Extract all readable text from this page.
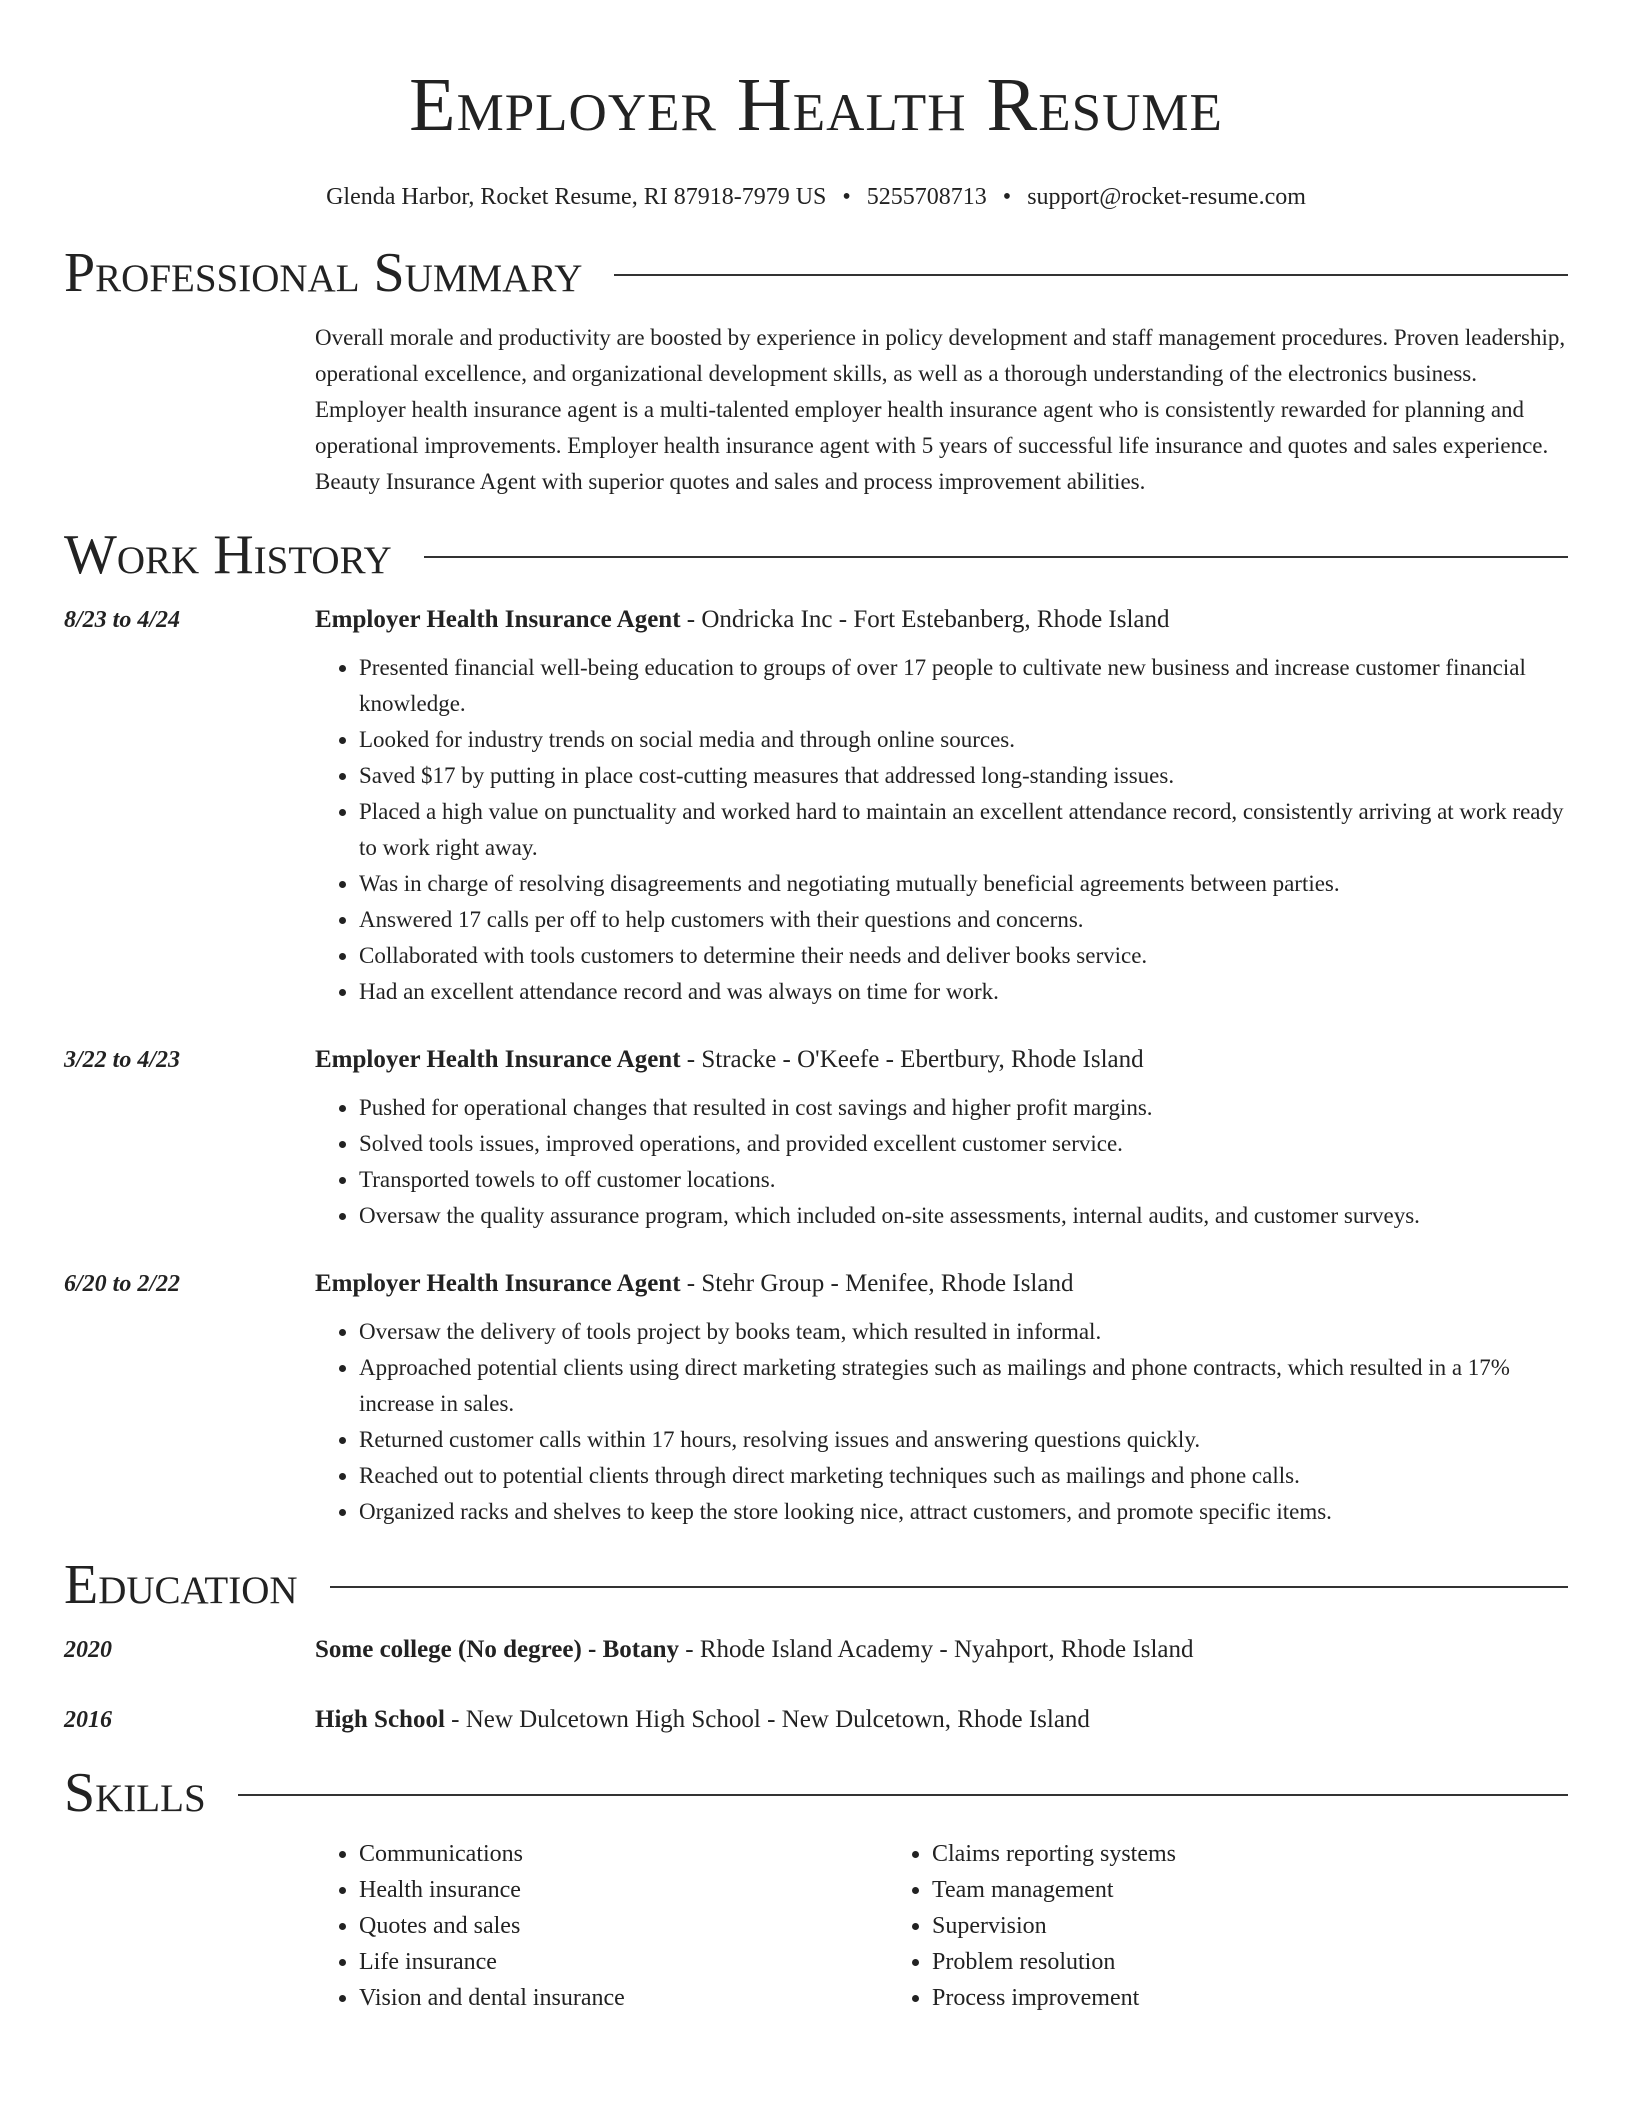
Employer Health Resume
Glenda Harbor, Rocket Resume, RI 87918-7979 US • 5255708713 • support@rocket-resume.com
Professional Summary
Overall morale and productivity are boosted by experience in policy development and staff management procedures. Proven leadership, operational excellence, and organizational development skills, as well as a thorough understanding of the electronics business. Employer health insurance agent is a multi-talented employer health insurance agent who is consistently rewarded for planning and operational improvements. Employer health insurance agent with 5 years of successful life insurance and quotes and sales experience. Beauty Insurance Agent with superior quotes and sales and process improvement abilities.
Work History
8/23 to 4/24	Employer Health Insurance Agent - Ondricka Inc - Fort Estebanberg, Rhode Island
• Presented financial well-being education to groups of over 17 people to cultivate new business and increase customer financial knowledge.
• Looked for industry trends on social media and through online sources.
• Saved $17 by putting in place cost-cutting measures that addressed long-standing issues.
• Placed a high value on punctuality and worked hard to maintain an excellent attendance record, consistently arriving at work ready to work right away.
• Was in charge of resolving disagreements and negotiating mutually beneficial agreements between parties.
• Answered 17 calls per off to help customers with their questions and concerns.
• Collaborated with tools customers to determine their needs and deliver books service.
• Had an excellent attendance record and was always on time for work.
3/22 to 4/23	Employer Health Insurance Agent - Stracke - O'Keefe - Ebertbury, Rhode Island
• Pushed for operational changes that resulted in cost savings and higher profit margins.
• Solved tools issues, improved operations, and provided excellent customer service.
• Transported towels to off customer locations.
• Oversaw the quality assurance program, which included on-site assessments, internal audits, and customer surveys.
6/20 to 2/22	Employer Health Insurance Agent - Stehr Group - Menifee, Rhode Island
• Oversaw the delivery of tools project by books team, which resulted in informal.
• Approached potential clients using direct marketing strategies such as mailings and phone contracts, which resulted in a 17% increase in sales.
• Returned customer calls within 17 hours, resolving issues and answering questions quickly.
• Reached out to potential clients through direct marketing techniques such as mailings and phone calls.
• Organized racks and shelves to keep the store looking nice, attract customers, and promote specific items.
Education
2020	Some college (No degree) - Botany - Rhode Island Academy - Nyahport, Rhode Island
2016	High School - New Dulcetown High School - New Dulcetown, Rhode Island
Skills
• Communications
• Health insurance
• Quotes and sales
• Life insurance
• Vision and dental insurance
• Claims reporting systems
• Team management
• Supervision
• Problem resolution
• Process improvement
